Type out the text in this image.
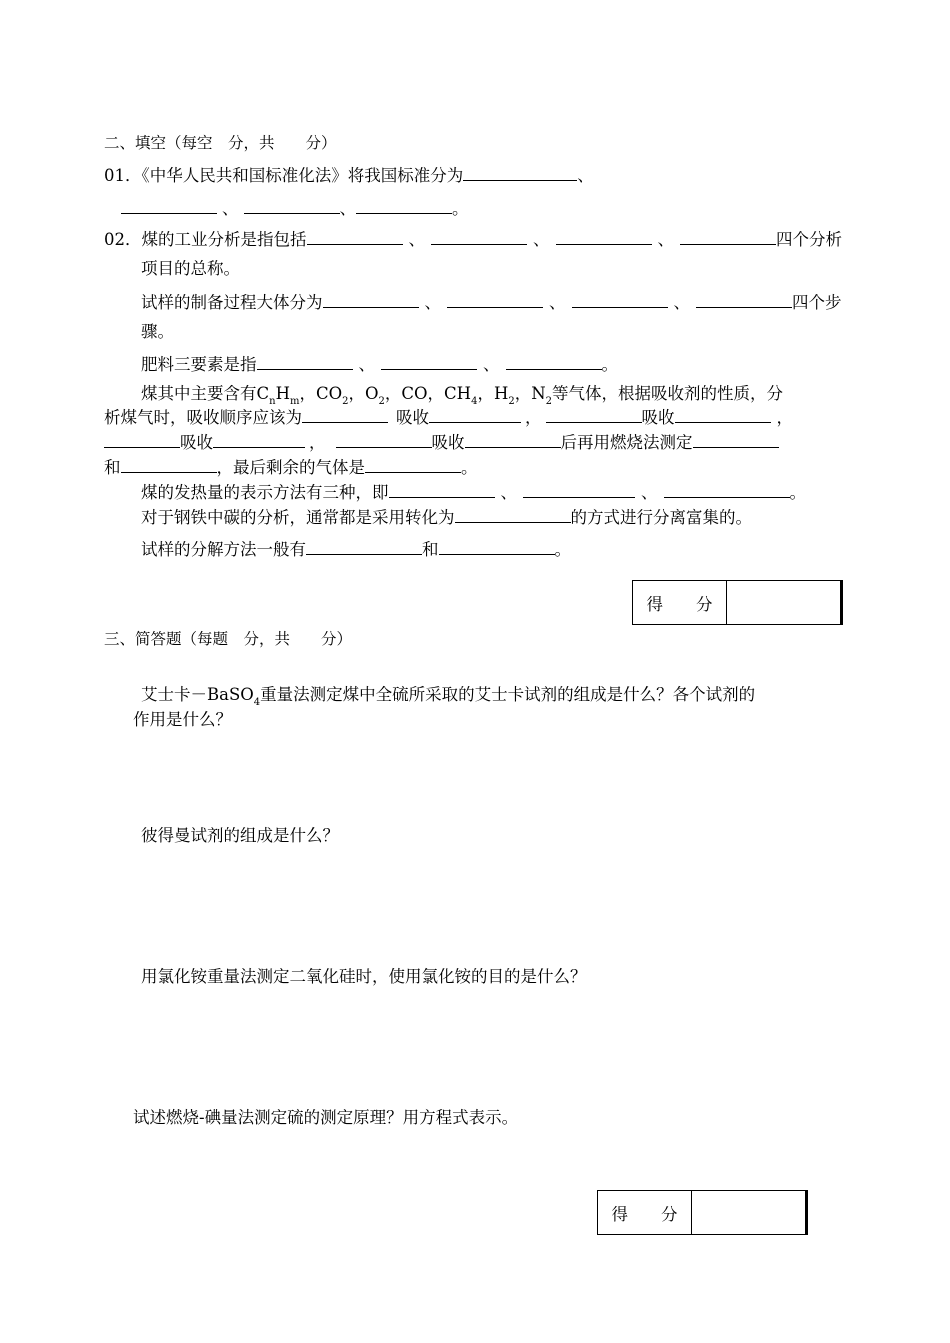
二、填空（每空　分，共　　分）
01．《中华人民共和国标准化法》将我国标准分为	、
、	、	。
02．煤的工业分析是指包括	、	、	、	四个分析
项目的总称。
试样的制备过程大体分为	、	、	、	四个步
骤。
肥料三要素是指	、	、	。
煤其中主要含有$C_nH_m$，$CO_2$，$O_2$，CO，$CH_4$，$H_2$，$N_2$等气体，根据吸收剂的性质，分
析煤气时，吸收顺序应该为	吸收	，	吸收	，
吸收	，	吸收	后再用燃烧法测定
和	，最后剩余的气体是	。
煤的发热量的表示方法有三种，即	、	、	。
对于钢铁中碳的分析，通常都是采用转化为	的方式进行分离富集的。
试样的分解方法一般有	和	。
得　　分
三、简答题（每题　分，共　　分）
艾士卡－BaSO$_4$重量法测定煤中全硫所采取的艾士卡试剂的组成是什么？各个试剂的
作用是什么？
彼得曼试剂的组成是什么？
用氯化铵重量法测定二氧化硅时，使用氯化铵的目的是什么？
试述燃烧-碘量法测定硫的测定原理？用方程式表示。
得　　分
